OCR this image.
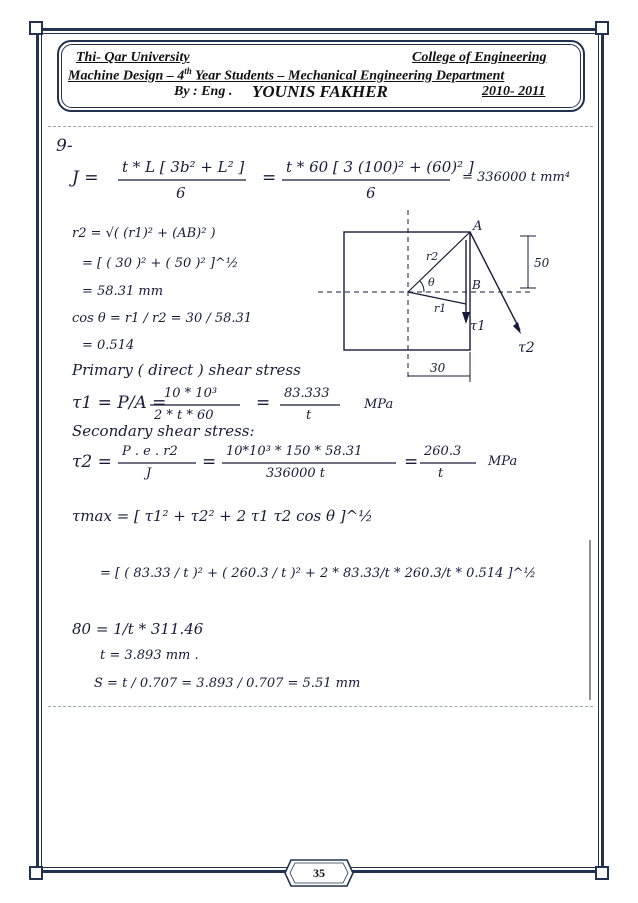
Thi- Qar University	College of Engineering
Machine Design – 4th Year Students – Mechanical Engineering Department
By : Eng . YOUNIS FAKHER	2010- 2011
9-
J =
t * L [ 3b² + L² ]
6
=
t * 60 [ 3 (100)² + (60)² ]
6
= 336000 t mm⁴
r2 = √( (r1)² + (AB)² )
= [ ( 30 )² + ( 50 )² ]^½
= 58.31 mm
cos θ = r1 / r2 = 30 / 58.31
= 0.514
Primary ( direct ) shear stress
τ1 = P/A =
10 * 10³
2 * t * 60
= 83.333
t
MPa
Secondary shear stress:
τ2 =
P . e . r2
J
=
10*10³ * 150 * 58.31
336000 t
=
260.3
t
MPa
τmax = [ τ1² + τ2² + 2 τ1 τ2 cos θ ]^½
= [ ( 83.33 / t )² + ( 260.3 / t )² + 2 * 83.33/t * 260.3/t * 0.514 ]^½
80 = 1/t * 311.46
t = 3.893 mm .
S = t / 0.707 = 3.893 / 0.707 = 5.51 mm
A
B
r2
r1
θ
τ1
τ2
50
30
35
